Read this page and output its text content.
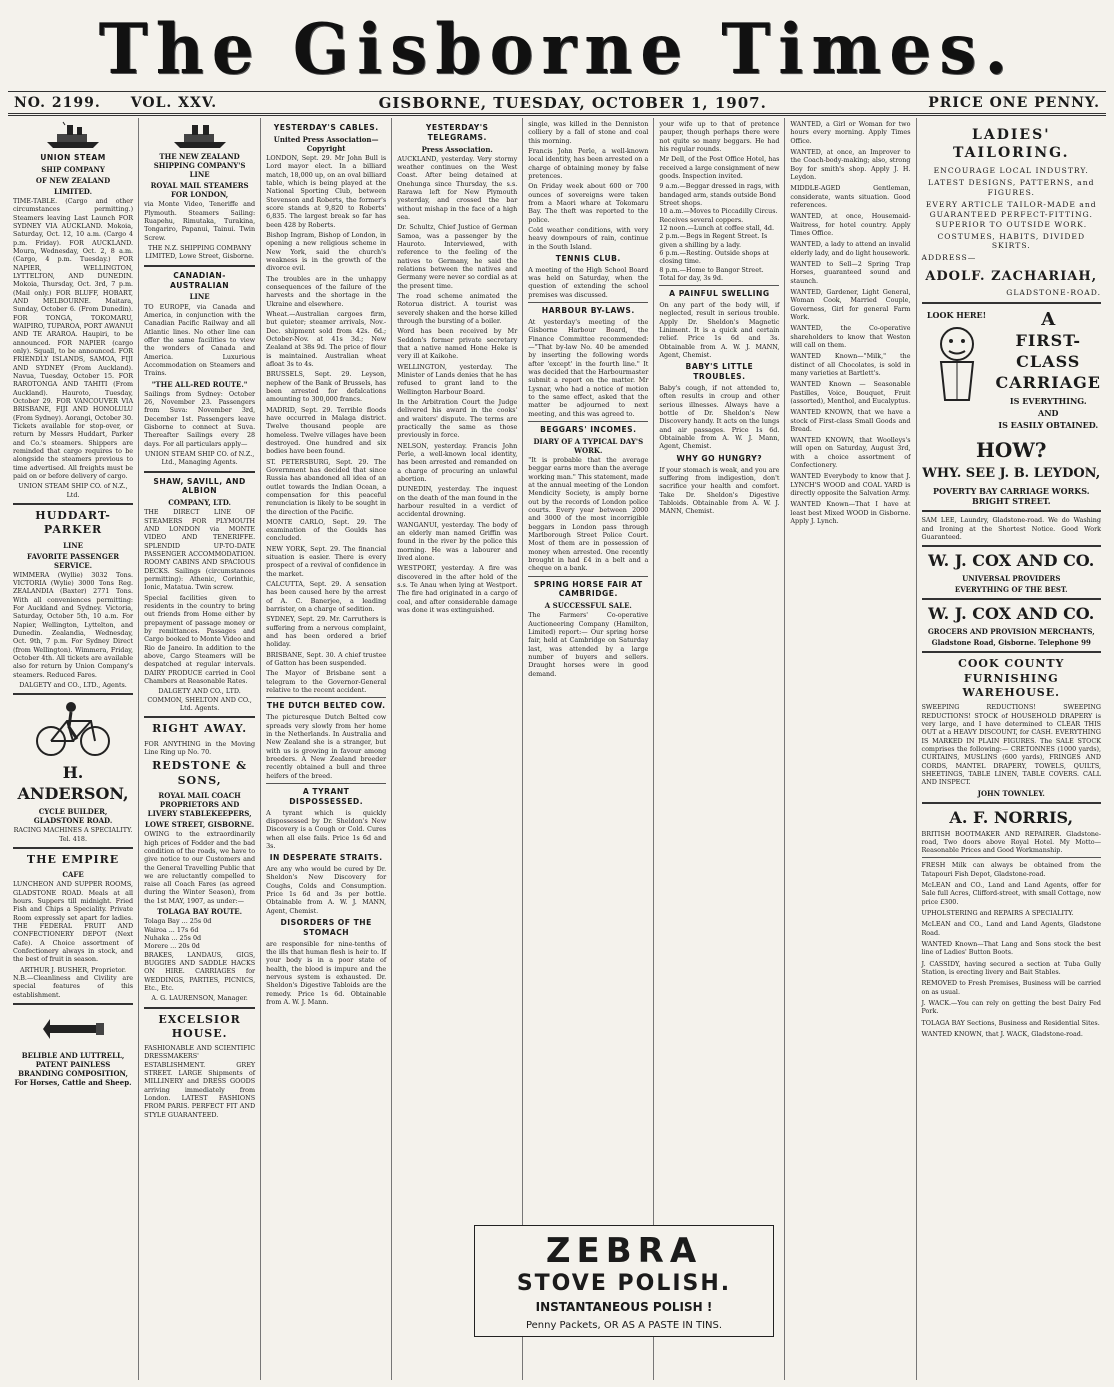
The Gisborne Times.
NO. 2199. VOL. XXV.	GISBORNE, TUESDAY, OCTOBER 1, 1907.	PRICE ONE PENNY.
UNION STEAM
SHIP COMPANY
OF NEW ZEALAND
LIMITED.
TIME-TABLE. (Cargo and other circumstances permitting.) Steamers leaving Last Launch FOR SYDNEY VIA AUCKLAND. Mokoia, Saturday, Oct. 12, 10 a.m. (Cargo 4 p.m. Friday). FOR AUCKLAND. Moura, Wednesday, Oct. 2, 8 a.m. (Cargo, 4 p.m. Tuesday.) FOR NAPIER, WELLINGTON, LYTTELTON, AND DUNEDIN. Mokoia, Thursday, Oct. 3rd, 7 p.m. (Mail only.) FOR BLUFF, HOBART, AND MELBOURNE. Maitara, Sunday, October 6. (From Dunedin). FOR TONGA, TOKOMARU, WAIPIRO, TUPAROA, PORT AWANUI AND TE ARAROA. Haupiri, to be announced. FOR NAPIER (cargo only). Squall, to be announced. FOR FRIENDLY ISLANDS, SAMOA, FIJI AND SYDNEY (From Auckland). Navua, Tuesday, October 15. FOR RAROTONGA AND TAHITI (From Auckland). Hauroto, Tuesday, October 29. FOR VANCOUVER VIA BRISBANE, FIJI AND HONOLULU (From Sydney). Aorangi, October 30. Tickets available for stop-over, or return by Messrs Huddart, Parker and Co.'s steamers. Shippers are reminded that cargo requires to be alongside the steamers previous to time advertised. All freights must be paid on or before delivery of cargo.
UNION STEAM SHIP CO. of N.Z., Ltd.
HUDDART-PARKER
LINE
FAVORITE PASSENGER SERVICE.
WIMMERA (Wyllie) 3032 Tons. VICTORIA (Wylie) 3000 Tons Reg. ZEALANDIA (Baxter) 2771 Tons. With all conveniences permitting: For Auckland and Sydney. Victoria, Saturday, October 5th, 10 a.m. For Napier, Wellington, Lyttelton, and Dunedin. Zealandia, Wednesday, Oct. 9th, 7 p.m. For Sydney Direct (from Wellington). Wimmera, Friday, October 4th. All tickets are available also for return by Union Company's steamers. Reduced Fares.
DALGETY and CO., LTD., Agents.
H. ANDERSON,
CYCLE BUILDER, GLADSTONE ROAD.
RACING MACHINES A SPECIALITY. Tel. 418.
THE EMPIRE
CAFE
LUNCHEON AND SUPPER ROOMS, GLADSTONE ROAD. Meals at all hours. Suppers till midnight. Fried Fish and Chips a Speciality. Private Room expressly set apart for ladies. THE FEDERAL FRUIT AND CONFECTIONERY DEPOT (Next Cafe). A Choice assortment of Confectionery always in stock, and the best of fruit in season.
ARTHUR J. BUSHER, Proprietor.
N.B.—Cleanliness and Civility are special features of this establishment.
BELIBLE AND LUTTRELL, PATENT PAINLESS BRANDING COMPOSITION, For Horses, Cattle and Sheep.
THE NEW ZEALAND SHIPPING COMPANY'S LINE
ROYAL MAIL STEAMERS FOR LONDON,
via Monte Video, Teneriffe and Plymouth. Steamers Sailing: Ruapehu, Rimutaka, Turakina, Tongariro, Papanui, Tainui. Twin Screw.
THE N.Z. SHIPPING COMPANY LIMITED, Lowe Street, Gisborne.
CANADIAN-AUSTRALIAN
LINE
TO EUROPE, via Canada and America, in conjunction with the Canadian Pacific Railway and all Atlantic lines. No other line can offer the same facilities to view the wonders of Canada and America. Luxurious Accommodation on Steamers and Trains.
"THE ALL-RED ROUTE."
Sailings from Sydney: October 26, November 23. Passengers from Suva: November 3rd, December 1st. Passengers leave Gisborne to connect at Suva. Thereafter Sailings every 28 days. For all particulars apply—
UNION STEAM SHIP CO. of N.Z., Ltd., Managing Agents.
SHAW, SAVILL, AND ALBION
COMPANY, LTD.
THE DIRECT LINE OF STEAMERS FOR PLYMOUTH AND LONDON via MONTE VIDEO AND TENERIFFE. SPLENDID UP-TO-DATE PASSENGER ACCOMMODATION. ROOMY CABINS AND SPACIOUS DECKS. Sailings (circumstances permitting): Athenic, Corinthic, Ionic, Matatua. Twin screw.
Special facilities given to residents in the country to bring out friends from Home either by prepayment of passage money or by remittances. Passages and Cargo booked to Monte Video and Rio de Janeiro. In addition to the above, Cargo Steamers will be despatched at regular intervals. DAIRY PRODUCE carried in Cool Chambers at Reasonable Rates.
DALGETY AND CO., LTD. COMMON, SHELTON AND CO., Ltd. Agents.
RIGHT AWAY.
FOR ANYTHING in the Moving Line Ring up No. 70.
REDSTONE & SONS,
ROYAL MAIL COACH PROPRIETORS AND LIVERY STABLEKEEPERS,
LOWE STREET, GISBORNE.
OWING to the extraordinarily high prices of Fodder and the bad condition of the roads, we have to give notice to our Customers and the General Travelling Public that we are reluctantly compelled to raise all Coach Fares (as agreed during the Winter Season), from the 1st MAY, 1907, as under:—
TOLAGA BAY ROUTE.
Tolaga Bay ... 25s 0d
Wairoa ... 17s 6d
Nuhaka ... 25s 0d
Morere ... 20s 0d
BRAKES, LANDAUS, GIGS, BUGGIES AND SADDLE HACKS ON HIRE. CARRIAGES for WEDDINGS, PARTIES, PICNICS, Etc., Etc.
A. G. LAURENSON, Manager.
EXCELSIOR HOUSE.
FASHIONABLE AND SCIENTIFIC DRESSMAKERS' ESTABLISHMENT. GREY STREET. LARGE Shipments of MILLINERY and DRESS GOODS arriving immediately from London. LATEST FASHIONS FROM PARIS. PERFECT FIT AND STYLE GUARANTEED.
YESTERDAY'S CABLES.
United Press Association—Copyright
LONDON, Sept. 29. Mr John Bull is Lord mayor elect. In a billiard match, 18,000 up, on an oval billiard table, which is being played at the National Sporting Club, between Stevenson and Roberts, the former's score stands at 9,820 to Roberts' 6,835. The largest break so far has been 428 by Roberts.
Bishop Ingram, Bishop of London, in opening a new religious scheme in New York, said the church's weakness is in the growth of the divorce evil.
The troubles are in the unhappy consequences of the failure of the harvests and the shortage in the Ukraine and elsewhere.
Wheat.—Australian cargoes firm, but quieter; steamer arrivals, Nov.-Dec. shipment sold from 42s. 6d.; October-Nov. at 41s 3d.; New Zealand at 38s 9d. The price of flour is maintained. Australian wheat afloat 3s to 4s.
BRUSSELS, Sept. 29. Leyson, nephew of the Bank of Brussels, has been arrested for defalcations amounting to 300,000 francs.
MADRID, Sept. 29. Terrible floods have occurred in Malaga district. Twelve thousand people are homeless. Twelve villages have been destroyed. One hundred and six bodies have been found.
ST. PETERSBURG, Sept. 29. The Government has decided that since Russia has abandoned all idea of an outlet towards the Indian Ocean, a compensation for this peaceful renunciation is likely to be sought in the direction of the Pacific.
MONTE CARLO, Sept. 29. The examination of the Goulds has concluded.
NEW YORK, Sept. 29. The financial situation is easier. There is every prospect of a revival of confidence in the market.
CALCUTTA, Sept. 29. A sensation has been caused here by the arrest of A. C. Banerjee, a leading barrister, on a charge of sedition.
SYDNEY, Sept. 29. Mr. Carruthers is suffering from a nervous complaint, and has been ordered a brief holiday.
BRISBANE, Sept. 30. A chief trustee of Gatton has been suspended.
The Mayor of Brisbane sent a telegram to the Governor-General relative to the recent accident.
THE DUTCH BELTED COW.
The picturesque Dutch Belted cow spreads very slowly from her home in the Netherlands. In Australia and New Zealand she is a stranger, but with us is growing in favour among breeders. A New Zealand breeder recently obtained a bull and three heifers of the breed.
A TYRANT DISPOSSESSED.
A tyrant which is quickly dispossessed by Dr. Sheldon's New Discovery is a Cough or Cold. Cures when all else fails. Price 1s 6d and 3s.
IN DESPERATE STRAITS.
Are any who would be cured by Dr. Sheldon's New Discovery for Coughs, Colds and Consumption. Price 1s 6d and 3s per bottle. Obtainable from A. W. J. MANN, Agent, Chemist.
DISORDERS OF THE STOMACH
are responsible for nine-tenths of the ills that human flesh is heir to. If your body is in a poor state of health, the blood is impure and the nervous system is exhausted. Dr. Sheldon's Digestive Tabloids are the remedy. Price 1s 6d. Obtainable from A. W. J. Mann.
YESTERDAY'S TELEGRAMS.
Press Association.
AUCKLAND, yesterday. Very stormy weather continues on the West Coast. After being detained at Onehunga since Thursday, the s.s. Rarawa left for New Plymouth yesterday, and crossed the bar without mishap in the face of a high sea.
Dr. Schultz, Chief Justice of German Samoa, was a passenger by the Hauroto. Interviewed, with reference to the feeling of the natives to Germany, he said the relations between the natives and Germany were never so cordial as at the present time.
The road scheme animated the Rotorua district. A tourist was severely shaken and the horse killed through the bursting of a boiler.
Word has been received by Mr Seddon's former private secretary that a native named Hone Heke is very ill at Kaikohe.
WELLINGTON, yesterday. The Minister of Lands denies that he has refused to grant land to the Wellington Harbour Board.
In the Arbitration Court the Judge delivered his award in the cooks' and waiters' dispute. The terms are practically the same as those previously in force.
NELSON, yesterday. Francis John Perle, a well-known local identity, has been arrested and remanded on a charge of procuring an unlawful abortion.
DUNEDIN, yesterday. The inquest on the death of the man found in the harbour resulted in a verdict of accidental drowning.
WANGANUI, yesterday. The body of an elderly man named Griffin was found in the river by the police this morning. He was a labourer and lived alone.
WESTPORT, yesterday. A fire was discovered in the after hold of the s.s. Te Anau when lying at Westport. The fire had originated in a cargo of coal, and after considerable damage was done it was extinguished.
single, was killed in the Denniston colliery by a fall of stone and coal this morning.
Francis John Perle, a well-known local identity, has been arrested on a charge of obtaining money by false pretences.
On Friday week about 600 or 700 ounces of sovereigns were taken from a Maori whare at Tokomaru Bay. The theft was reported to the police.
Cold weather conditions, with very heavy downpours of rain, continue in the South Island.
TENNIS CLUB.
A meeting of the High School Board was held on Saturday, when the question of extending the school premises was discussed.
HARBOUR BY-LAWS.
At yesterday's meeting of the Gisborne Harbour Board, the Finance Committee recommended:—"That by-law No. 40 be amended by inserting the following words after 'except' in the fourth line." It was decided that the Harbourmaster submit a report on the matter. Mr Lysnar, who had a notice of motion to the same effect, asked that the matter be adjourned to next meeting, and this was agreed to.
BEGGARS' INCOMES.
DIARY OF A TYPICAL DAY'S WORK.
"It is probable that the average beggar earns more than the average working man." This statement, made at the annual meeting of the London Mendicity Society, is amply borne out by the records of London police courts. Every year between 2000 and 3000 of the most incorrigible beggars in London pass through Marlborough Street Police Court. Most of them are in possession of money when arrested. One recently brought in had £4 in a belt and a cheque on a bank.
SPRING HORSE FAIR AT CAMBRIDGE.
A SUCCESSFUL SALE.
The Farmers' Co-operative Auctioneering Company (Hamilton, Limited) report:— Our spring horse fair, held at Cambridge on Saturday last, was attended by a large number of buyers and sellers. Draught horses were in good demand.
your wife up to that of pretence pauper, though perhaps there were not quite so many beggars. He had his regular rounds.
Mr Dell, of the Post Office Hotel, has received a large consignment of new goods. Inspection invited.
9 a.m.—Beggar dressed in rags, with bandaged arm, stands outside Bond Street shops.
10 a.m.—Moves to Piccadilly Circus. Receives several coppers.
12 noon.—Lunch at coffee stall, 4d.
2 p.m.—Begs in Regent Street. Is given a shilling by a lady.
6 p.m.—Resting. Outside shops at closing time.
8 p.m.—Home to Bangor Street. Total for day, 3s 9d.
A PAINFUL SWELLING
On any part of the body will, if neglected, result in serious trouble. Apply Dr. Sheldon's Magnetic Liniment. It is a quick and certain relief. Price 1s 6d and 3s. Obtainable from A. W. J. MANN, Agent, Chemist.
BABY'S LITTLE TROUBLES.
Baby's cough, if not attended to, often results in croup and other serious illnesses. Always have a bottle of Dr. Sheldon's New Discovery handy. It acts on the lungs and air passages. Price 1s 6d. Obtainable from A. W. J. Mann, Agent, Chemist.
WHY GO HUNGRY?
If your stomach is weak, and you are suffering from indigestion, don't sacrifice your health and comfort. Take Dr. Sheldon's Digestive Tabloids. Obtainable from A. W. J. MANN, Chemist.
WANTED, a Girl or Woman for two hours every morning. Apply Times Office.
WANTED, at once, an Improver to the Coach-body-making; also, strong Boy for smith's shop. Apply J. H. Leydon.
MIDDLE-AGED Gentleman, considerate, wants situation. Good references.
WANTED, at once, Housemaid-Waitress, for hotel country. Apply Times Office.
WANTED, a lady to attend an invalid elderly lady, and do light housework.
WANTED to Sell—2 Spring Trap Horses, guaranteed sound and staunch.
WANTED, Gardener, Light General, Woman Cook, Married Couple, Governess, Girl for general Farm Work.
WANTED, the Co-operative shareholders to know that Weston will call on them.
WANTED Known—"Milk," the distinct of all Chocolates, is sold in many varieties at Bartlett's.
WANTED Known — Seasonable Pastilles, Voice, Bouquet, Fruit (assorted), Menthol, and Eucalyptus.
WANTED KNOWN, that we have a stock of First-class Small Goods and Bread.
WANTED KNOWN, that Woolleys's will open on Saturday, August 3rd, with a choice assortment of Confectionery.
WANTED Everybody to know that J. LYNCH'S WOOD and COAL YARD is directly opposite the Salvation Army.
WANTED Known—That I have at least best Mixed WOOD in Gisborne. Apply J. Lynch.
LADIES' TAILORING.
ENCOURAGE LOCAL INDUSTRY.
LATEST DESIGNS, PATTERNS, and FIGURES.
EVERY ARTICLE TAILOR-MADE and GUARANTEED PERFECT-FITTING. SUPERIOR TO OUTSIDE WORK.
COSTUMES, HABITS, DIVIDED SKIRTS.
ADDRESS—
ADOLF. ZACHARIAH,
GLADSTONE-ROAD.
LOOK HERE!	A
FIRST-CLASS
CARRIAGE
IS EVERYTHING.
AND
IS EASILY OBTAINED.
HOW?
WHY. SEE J. B. LEYDON,
POVERTY BAY CARRIAGE WORKS. BRIGHT STREET.
SAM LEE, Laundry, Gladstone-road. We do Washing and Ironing at the Shortest Notice. Good Work Guaranteed.
W. J. COX AND CO.
UNIVERSAL PROVIDERS
EVERYTHING OF THE BEST.
W. J. COX AND CO.
GROCERS AND PROVISION MERCHANTS,
Gladstone Road, Gisborne. Telephone 99
COOK COUNTY FURNISHING WAREHOUSE.
SWEEPING REDUCTIONS! SWEEPING REDUCTIONS! STOCK of HOUSEHOLD DRAPERY is very large, and I have determined to CLEAR THIS OUT at a HEAVY DISCOUNT, for CASH. EVERYTHING IS MARKED IN PLAIN FIGURES. The SALE STOCK comprises the following:— CRETONNES (1000 yards), CURTAINS, MUSLINS (600 yards), FRINGES AND CORDS, MANTEL DRAPERY, TOWELS, QUILTS, SHEETINGS, TABLE LINEN, TABLE COVERS. CALL AND INSPECT.
JOHN TOWNLEY.
A. F. NORRIS,
BRITISH BOOTMAKER AND REPAIRER. Gladstone-road, Two doors above Royal Hotel. My Motto—Reasonable Prices and Good Workmanship.
FRESH Milk can always be obtained from the Tatapouri Fish Depot, Gladstone-road.
McLEAN and CO., Land and Land Agents, offer for Sale full Acres, Clifford-street, with small Cottage, now price £300.
UPHOLSTERING and REPAIRS A SPECIALITY.
McLEAN and CO., Land and Land Agents, Gladstone Road.
WANTED Known—That Lang and Sons stock the best line of Ladies' Button Boots.
J. CASSIDY, having secured a section at Tuba Gully Station, is erecting livery and Bait Stables.
REMOVED to Fresh Premises, Business will be carried on as usual.
J. WACK.—You can rely on getting the best Dairy Fed Pork.
TOLAGA BAY Sections, Business and Residential Sites.
WANTED KNOWN, that J. WACK, Gladstone-road.
ZEBRA
STOVE POLISH.
INSTANTANEOUS POLISH !
Penny Packets, OR AS A PASTE IN TINS.
